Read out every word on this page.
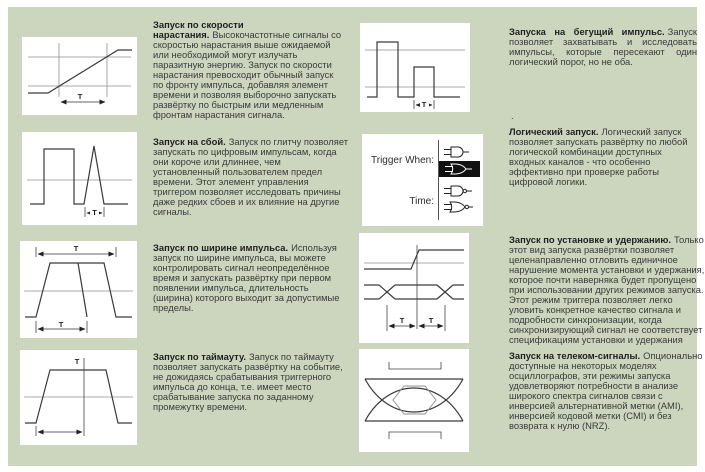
T

Запуск по скорости нарастания. Высокочастотные сигналы со скоростью нарастания выше ожидаемой или необходимой могут излучать паразитную энергию. Запуск по скорости нарастания превосходит обычный запуск по фронту импульса, добавляя элемент времени и позволяя выборочно запускать развёртку по быстрым или медленным фронтам нарастания сигнала.

T

Запуска на бегущий импульс. Запуск позволяет захватывать и исследовать импульсы, которые пересекают один логический порог, но не оба.

.
T

Запуск на сбой. Запуск по глитчу позволяет запускать по цифровым импульсам, когда они короче или длиннее, чем установленный пользователем предел времени. Этот элемент управления триггером позволяет исследовать причины даже редких сбоев и их влияние на другие сигналы.

Trigger When:
Time:

Логический запуск. Логический запуск позволяет запускать развёртку по любой логической комбинации доступных входных каналов - что особенно эффективно при проверке работы цифровой логики.

T
T

Запуск по ширине импульса. Используя запуск по ширине импульса, вы можете контролировать сигнал неопределённое время и запускать развёртку при первом появлении импульса, длительность (ширина) которого выходит за допустимые пределы.

T	T

Запуск по установке и удержанию. Только этот вид запуска развёртки позволяет целенаправленно отловить единичное нарушение момента установки и удержания, которое почти наверняка будет пропущено при использовании других режимов запуска. Этот режим триггера позволяет легко уловить конкретное качество сигнала и подробности синхронизации, когда синхронизирующий сигнал не соответствует спецификациям установки и удержания

T	Запуск по таймауту. Запуск по таймауту позволяет запускать развёртку на событие, не дожидаясь срабатывания триггерного импульса до конца, т.е. имеет место срабатывание запуска по заданному промежутку времени.

Запуск на телеком-сигналы. Опционально доступные на некоторых моделях осциллографов, эти режимы запуска удовлетворяют потребности в анализе широкого спектра сигналов связи с инверсией альтернативной метки (AMI), инверсией кодовой метки (CMI) и без возврата к нулю (NRZ).
